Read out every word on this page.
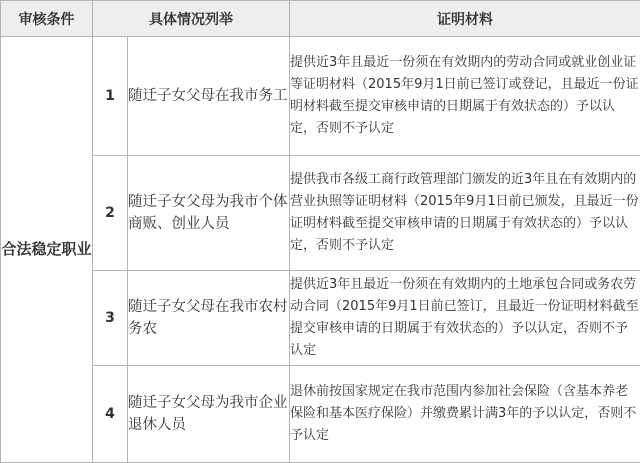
审核条件	具体情况列举		证明材料
合法稳定职业	1	随迁子女父母在我市务工	提供近3年且最近一份须在有效期内的劳动合同或就业创业证等证明材料（2015年9月1日前已签订或登记，且最近一份证明材料截至提交审核申请的日期属于有效状态的）予以认定，否则不予认定
	2	随迁子女父母为我市个体商贩、创业人员	提供我市各级工商行政管理部门颁发的近3年且在有效期内的营业执照等证明材料（2015年9月1日前已颁发，且最近一份证明材料截至提交审核申请的日期属于有效状态的）予以认定，否则不予认定
	3	随迁子女父母在我市农村务农	提供近3年且最近一份须在有效期内的土地承包合同或务农劳动合同（2015年9月1日前已签订，且最近一份证明材料截至提交审核申请的日期属于有效状态的）予以认定，否则不予认定
	4	随迁子女父母为我市企业退休人员	退休前按国家规定在我市范围内参加社会保险（含基本养老保险和基本医疗保险）并缴费累计满3年的予以认定，否则不予认定
